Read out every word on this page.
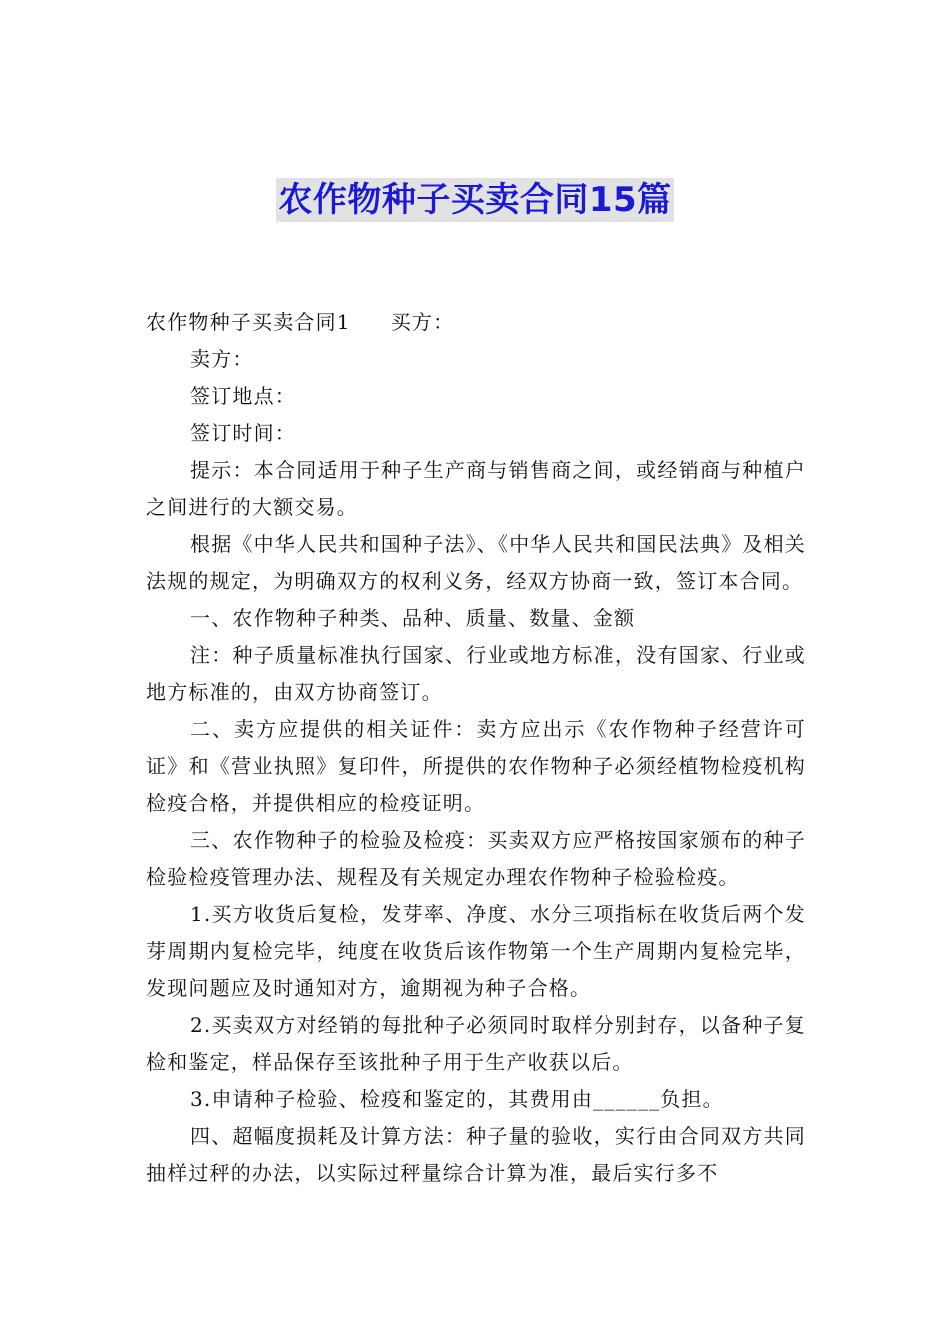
农作物种子买卖合同15篇

农作物种子买卖合同1 买方：

卖方：

签订地点：

签订时间：

提示：本合同适用于种子生产商与销售商之间，或经销商与种植户之间进行的大额交易。

根据《中华人民共和国种子法》、《中华人民共和国民法典》及相关法规的规定，为明确双方的权利义务，经双方协商一致，签订本合同。

一、农作物种子种类、品种、质量、数量、金额

注：种子质量标准执行国家、行业或地方标准，没有国家、行业或地方标准的，由双方协商签订。

二、卖方应提供的相关证件：卖方应出示《农作物种子经营许可证》和《营业执照》复印件，所提供的农作物种子必须经植物检疫机构检疫合格，并提供相应的检疫证明。

三、农作物种子的检验及检疫：买卖双方应严格按国家颁布的种子检验检疫管理办法、规程及有关规定办理农作物种子检验检疫。

1.买方收货后复检，发芽率、净度、水分三项指标在收货后两个发芽周期内复检完毕，纯度在收货后该作物第一个生产周期内复检完毕，发现问题应及时通知对方，逾期视为种子合格。

2.买卖双方对经销的每批种子必须同时取样分别封存，以备种子复检和鉴定，样品保存至该批种子用于生产收获以后。

3.申请种子检验、检疫和鉴定的，其费用由______负担。

四、超幅度损耗及计算方法：种子量的验收，实行由合同双方共同抽样过秤的办法，以实际过秤量综合计算为准，最后实行多不
